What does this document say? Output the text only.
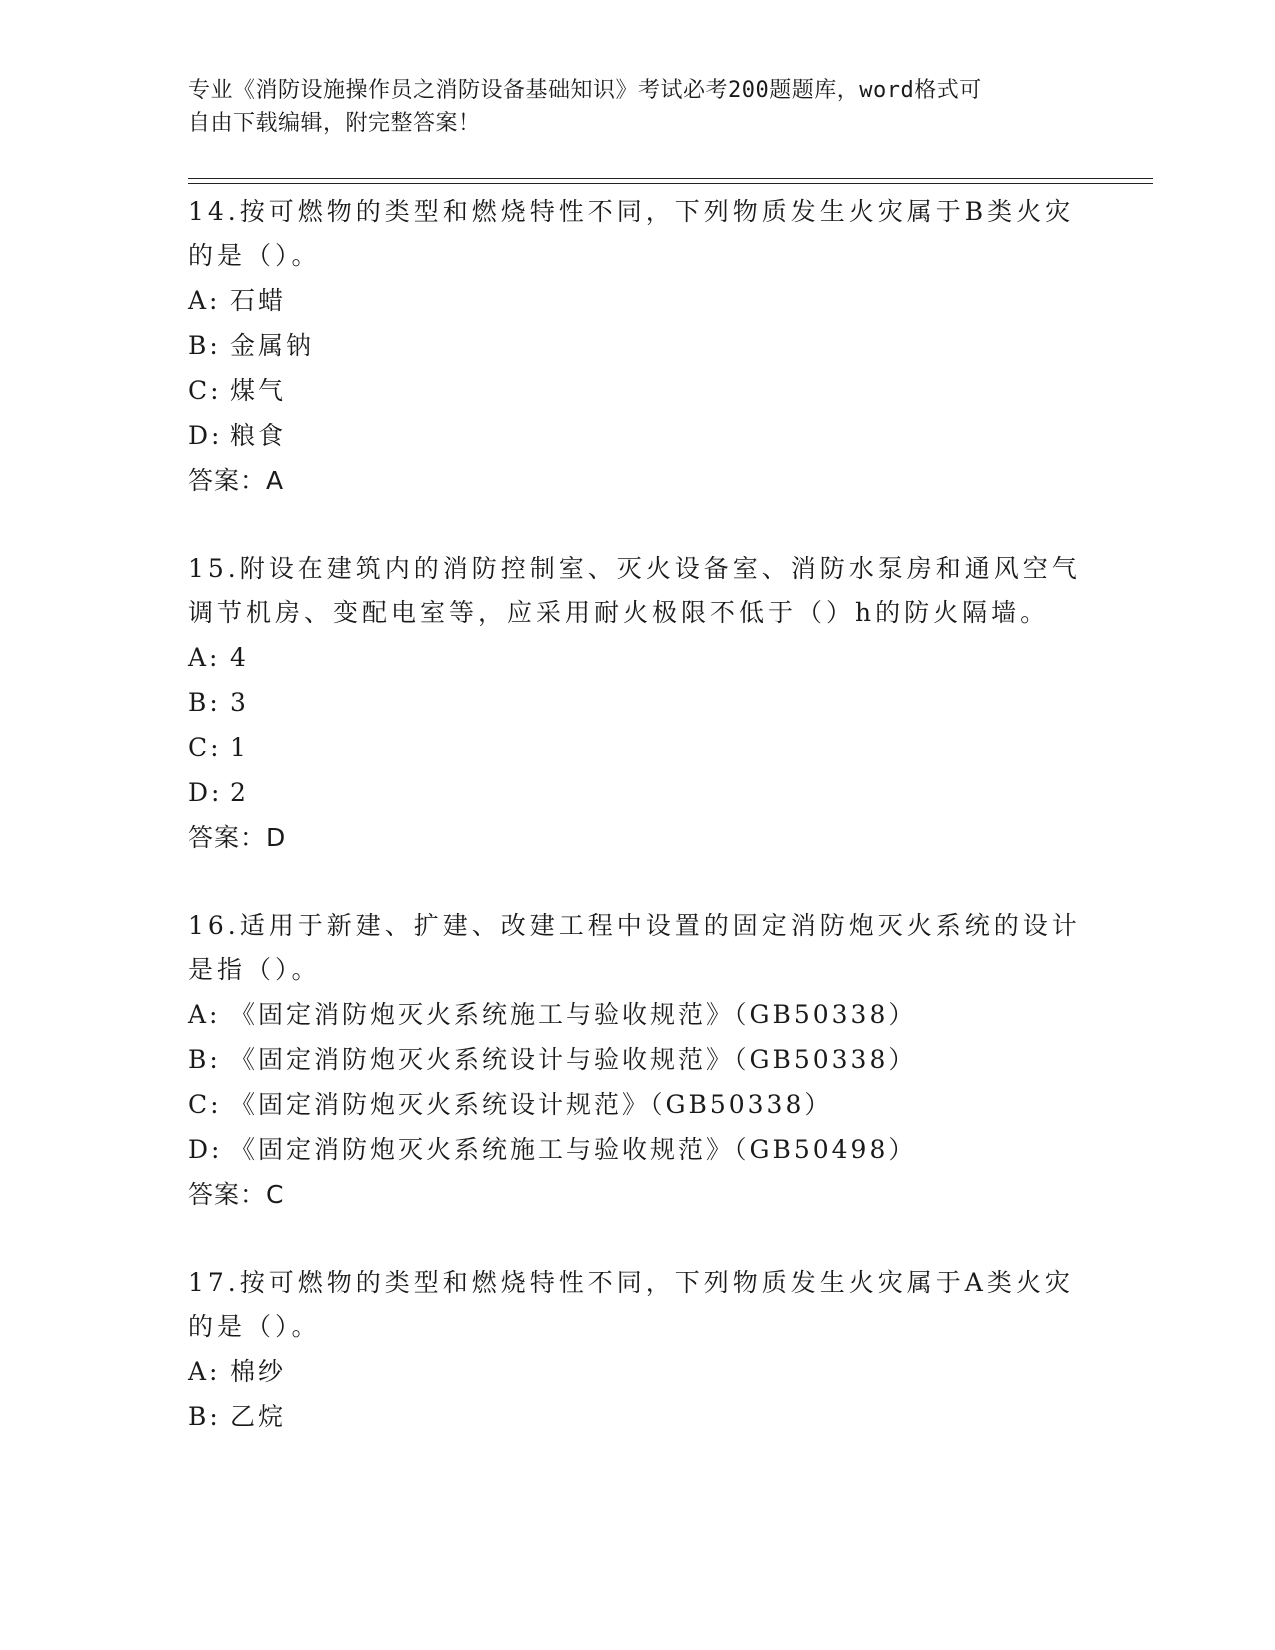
专业《消防设施操作员之消防设备基础知识》考试必考200题题库，word格式可
自由下载编辑，附完整答案！

14.按可燃物的类型和燃烧特性不同，下列物质发生火灾属于B类火灾的是（）。

A: 石蜡
B: 金属钠
C: 煤气
D: 粮食
答案：A

15.附设在建筑内的消防控制室、灭火设备室、消防水泵房和通风空气调节机房、变配电室等，应采用耐火极限不低于（）h的防火隔墙。

A: 4
B: 3
C: 1
D: 2
答案：D

16.适用于新建、扩建、改建工程中设置的固定消防炮灭火系统的设计是指（）。

A: 《固定消防炮灭火系统施工与验收规范》（GB50338）
B: 《固定消防炮灭火系统设计与验收规范》（GB50338）
C: 《固定消防炮灭火系统设计规范》（GB50338）
D: 《固定消防炮灭火系统施工与验收规范》（GB50498）
答案：C

17.按可燃物的类型和燃烧特性不同，下列物质发生火灾属于A类火灾的是（）。

A: 棉纱
B: 乙烷
